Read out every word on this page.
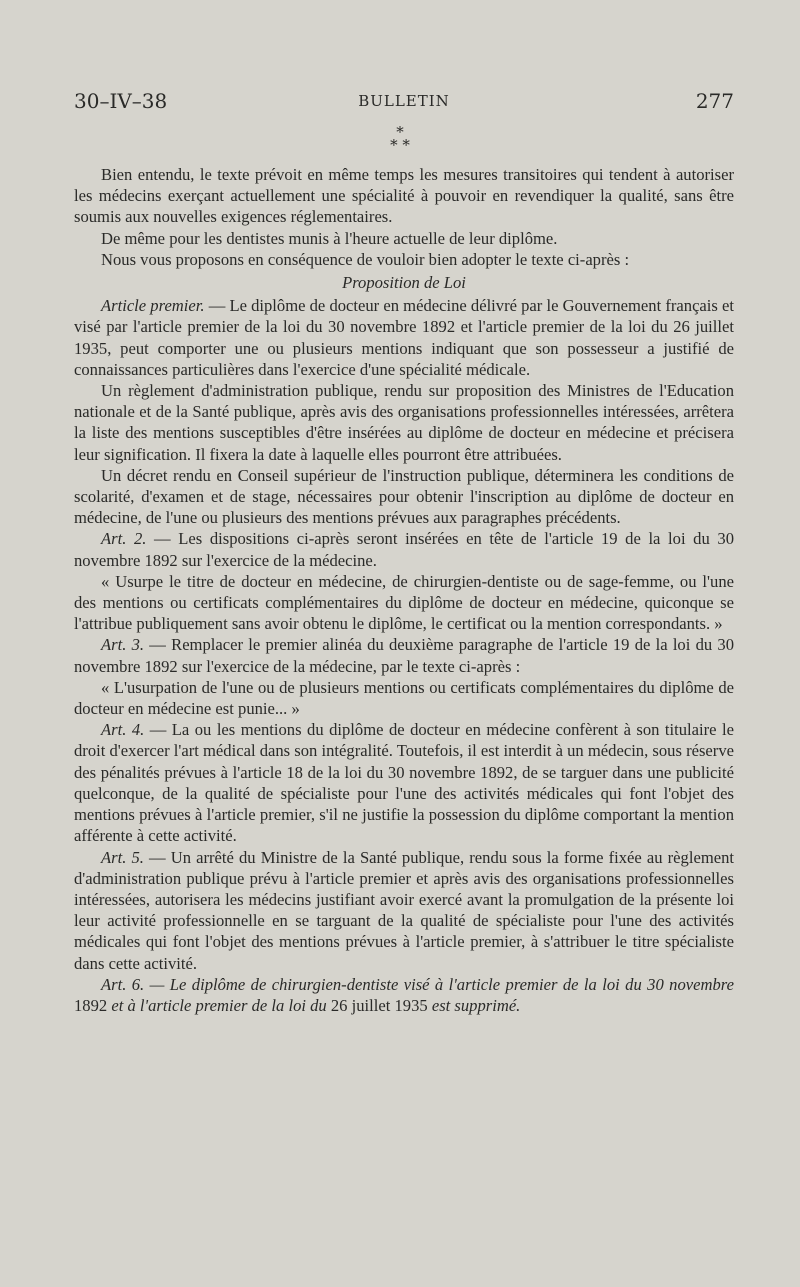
30–IV–38	BULLETIN	277
*
* *

Bien entendu, le texte prévoit en même temps les mesures transitoires qui tendent à autoriser les médecins exerçant actuellement une spécialité à pouvoir en revendiquer la qualité, sans être soumis aux nouvelles exigences réglementaires.

De même pour les dentistes munis à l'heure actuelle de leur diplôme.

Nous vous proposons en conséquence de vouloir bien adopter le texte ci-après :

Proposition de Loi

Article premier. — Le diplôme de docteur en médecine délivré par le Gouvernement français et visé par l'article premier de la loi du 30 novembre 1892 et l'article premier de la loi du 26 juillet 1935, peut comporter une ou plusieurs mentions indiquant que son possesseur a justifié de connaissances particulières dans l'exercice d'une spécialité médicale.

Un règlement d'administration publique, rendu sur proposition des Ministres de l'Education nationale et de la Santé publique, après avis des organisations professionnelles intéressées, arrêtera la liste des mentions susceptibles d'être insérées au diplôme de docteur en médecine et précisera leur signification. Il fixera la date à laquelle elles pourront être attribuées.

Un décret rendu en Conseil supérieur de l'instruction publique, déterminera les conditions de scolarité, d'examen et de stage, nécessaires pour obtenir l'inscription au diplôme de docteur en médecine, de l'une ou plusieurs des mentions prévues aux paragraphes précédents.

Art. 2. — Les dispositions ci-après seront insérées en tête de l'article 19 de la loi du 30 novembre 1892 sur l'exercice de la médecine.

« Usurpe le titre de docteur en médecine, de chirurgien-dentiste ou de sage-femme, ou l'une des mentions ou certificats complémentaires du diplôme de docteur en médecine, quiconque se l'attribue publiquement sans avoir obtenu le diplôme, le certificat ou la mention correspondants. »

Art. 3. — Remplacer le premier alinéa du deuxième paragraphe de l'article 19 de la loi du 30 novembre 1892 sur l'exercice de la médecine, par le texte ci-après :

« L'usurpation de l'une ou de plusieurs mentions ou certificats complémentaires du diplôme de docteur en médecine est punie... »

Art. 4. — La ou les mentions du diplôme de docteur en médecine confèrent à son titulaire le droit d'exercer l'art médical dans son intégralité. Toutefois, il est interdit à un médecin, sous réserve des pénalités prévues à l'article 18 de la loi du 30 novembre 1892, de se targuer dans une publicité quelconque, de la qualité de spécialiste pour l'une des activités médicales qui font l'objet des mentions prévues à l'article premier, s'il ne justifie la possession du diplôme comportant la mention afférente à cette activité.

Art. 5. — Un arrêté du Ministre de la Santé publique, rendu sous la forme fixée au règlement d'administration publique prévu à l'article premier et après avis des organisations professionnelles intéressées, autorisera les médecins justifiant avoir exercé avant la promulgation de la présente loi leur activité professionnelle en se targuant de la qualité de spécialiste pour l'une des activités médicales qui font l'objet des mentions prévues à l'article premier, à s'attribuer le titre spécialiste dans cette activité.

Art. 6. — Le diplôme de chirurgien-dentiste visé à l'article premier de la loi du 30 novembre 1892 et à l'article premier de la loi du 26 juillet 1935 est supprimé.
